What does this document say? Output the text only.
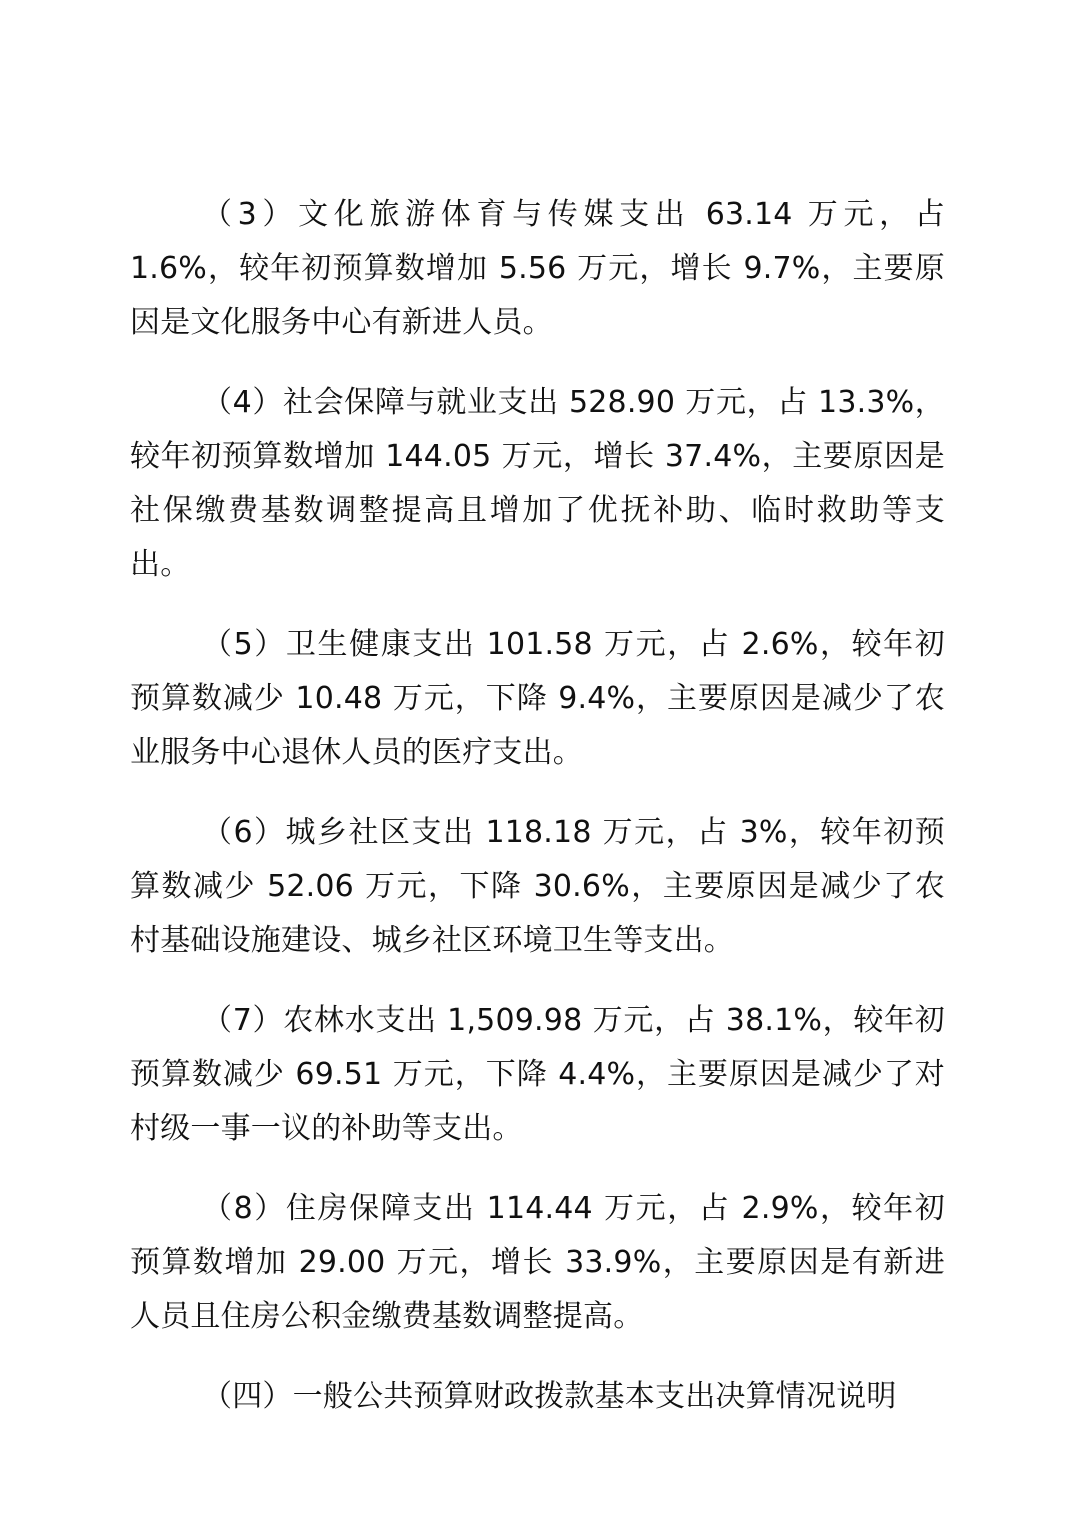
（3）文化旅游体育与传媒支出 63.14 万元，占 1.6%，较年初预算数增加 5.56 万元，增长 9.7%，主要原因是文化服务中心有新进人员。

（4）社会保障与就业支出 528.90 万元，占 13.3%，较年初预算数增加 144.05 万元，增长 37.4%，主要原因是社保缴费基数调整提高且增加了优抚补助、临时救助等支出。

（5）卫生健康支出 101.58 万元，占 2.6%，较年初预算数减少 10.48 万元，下降 9.4%，主要原因是减少了农业服务中心退休人员的医疗支出。

（6）城乡社区支出 118.18 万元，占 3%，较年初预算数减少 52.06 万元，下降 30.6%，主要原因是减少了农村基础设施建设、城乡社区环境卫生等支出。

（7）农林水支出 1,509.98 万元，占 38.1%，较年初预算数减少 69.51 万元，下降 4.4%，主要原因是减少了对村级一事一议的补助等支出。

（8）住房保障支出 114.44 万元，占 2.9%，较年初预算数增加 29.00 万元，增长 33.9%，主要原因是有新进人员且住房公积金缴费基数调整提高。

（四）一般公共预算财政拨款基本支出决算情况说明
